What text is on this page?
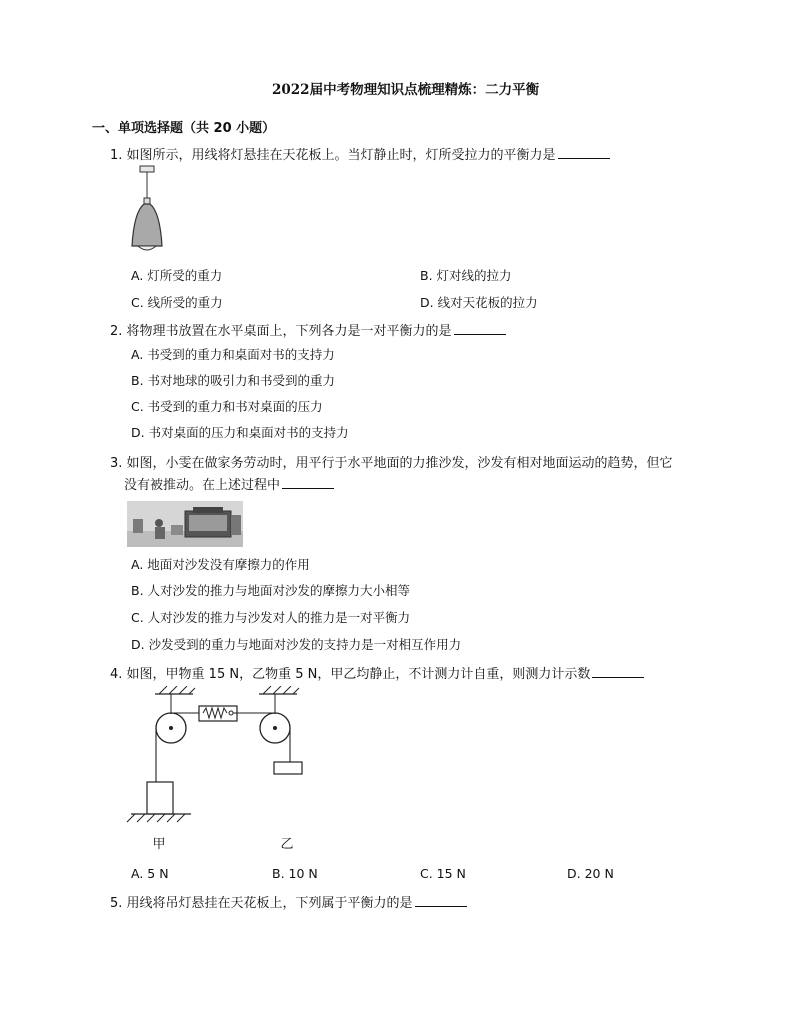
2022届中考物理知识点梳理精炼：二力平衡
一、单项选择题（共 20 小题）
1. 如图所示，用线将灯悬挂在天花板上。当灯静止时，灯所受拉力的平衡力是
A. 灯所受的重力	B. 灯对线的拉力
C. 线所受的重力	D. 线对天花板的拉力
2. 将物理书放置在水平桌面上，下列各力是一对平衡力的是
A. 书受到的重力和桌面对书的支持力
B. 书对地球的吸引力和书受到的重力
C. 书受到的重力和书对桌面的压力
D. 书对桌面的压力和桌面对书的支持力
3. 如图，小雯在做家务劳动时，用平行于水平地面的力推沙发，沙发有相对地面运动的趋势，但它
没有被推动。在上述过程中
A. 地面对沙发没有摩擦力的作用
B. 人对沙发的推力与地面对沙发的摩擦力大小相等
C. 人对沙发的推力与沙发对人的推力是一对平衡力
D. 沙发受到的重力与地面对沙发的支持力是一对相互作用力
4. 如图，甲物重 15 N，乙物重 5 N，甲乙均静止，不计测力计自重，则测力计示数
甲	乙
A. 5 N	B. 10 N	C. 15 N	D. 20 N
5. 用线将吊灯悬挂在天花板上，下列属于平衡力的是
